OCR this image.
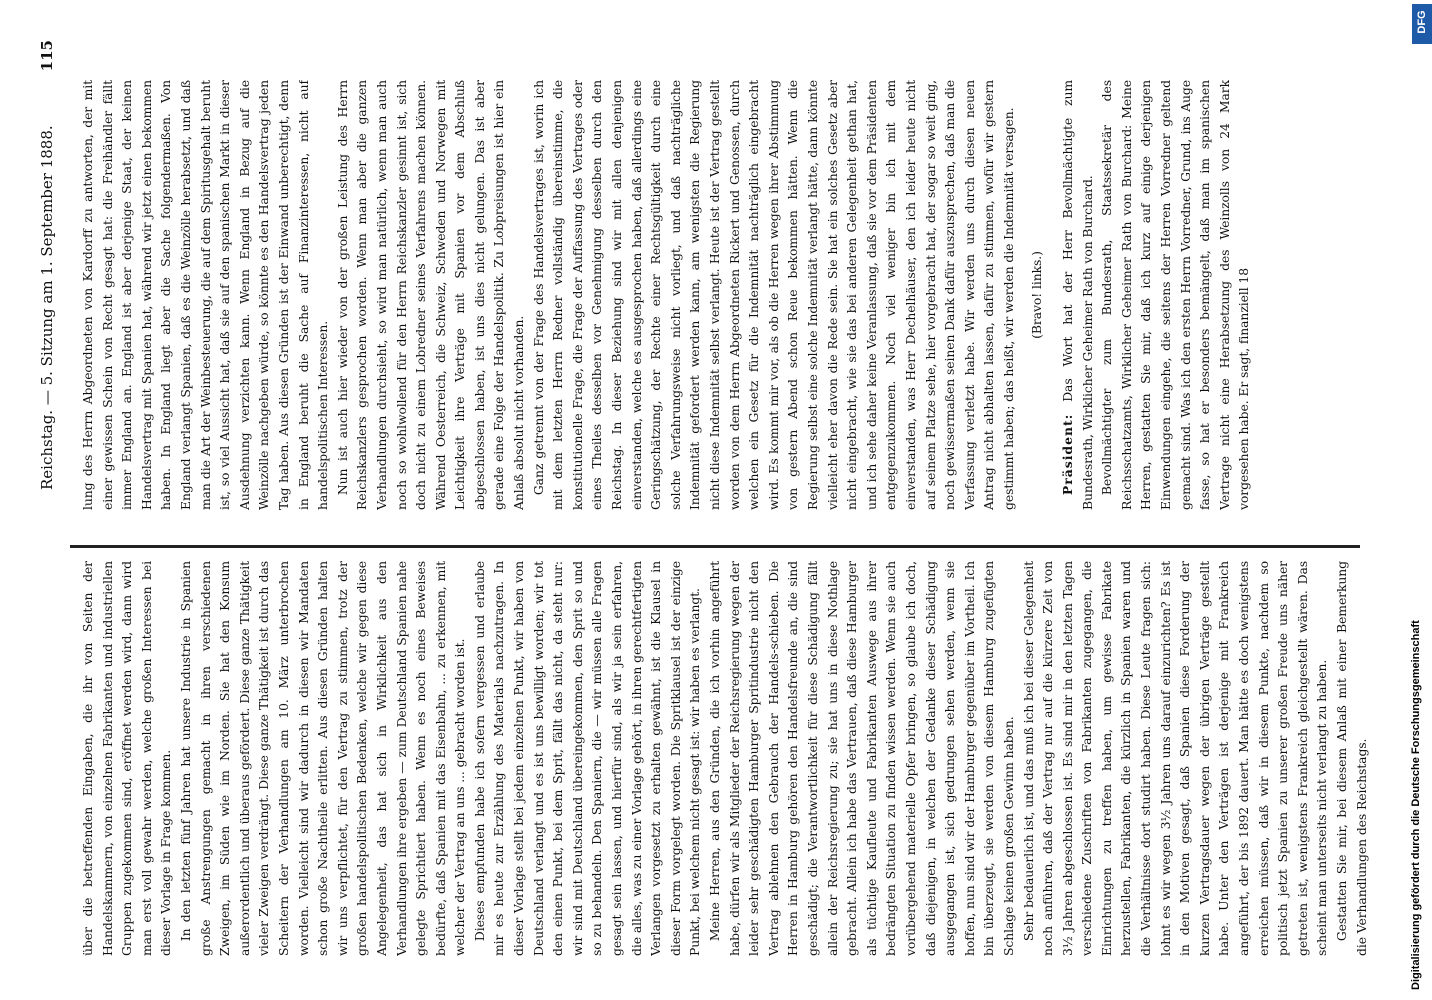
Reichstag. — 5. Sitzung am 1. September 1888.
115

über die betreffenden Eingaben, die ihr von Seiten der Handelskammern, von einzelnen Fabrikanten und industriellen Gruppen zugekommen sind, eröffnet werden wird, dann wird man erst voll gewahr werden, welche großen Interessen bei dieser Vorlage in Frage kommen. In den letzten fünf Jahren hat unsere Industrie in Spanien große Anstrengungen gemacht in ihren verschiedenen Zweigen, im Süden wie im Norden. Sie hat den Konsum außerordentlich und überaus gefördert. Diese ganze Thätigkeit vieler Zweigen verdrängt. Diese ganze Thätigkeit ist durch das Scheitern der Verhandlungen am 10. März unterbrochen worden. Vielleicht sind wir dadurch in diesen wir Mandaten schon große Nachtheile erlitten. Aus diesen Gründen halten wir uns verpflichtet, für den Vertrag zu stimmen, trotz der großen handelspolitischen Bedenken, welche wir gegen diese Angelegenheit, das hat sich in Wirklichkeit aus den Verhandlungen ihre ergeben — zum Deutschland Spanien nahe gelegte Sprichtiert haben. Wenn es noch eines Beweises bedürfte, daß Spanien mit das Eisenbahn, ... zu erkennen, mit welcher der Vertrag an uns ... gebracht worden ist. Dieses empfunden habe ich sofern vergessen und erlaube mir es heute zur Erzählung des Materials nachzutragen. In dieser Vorlage stellt bei jedem einzelnen Punkt, wir haben von Deutschland verlangt und es ist uns bewilligt worden; wir tot den einen Punkt, bei dem Sprit, fällt das nicht, da steht nur: wir sind mit Deutschland übereingekommen, den Sprit so und so zu behandeln. Den Spaniern, die — wir müssen alle Fragen gesagt sein lassen, und hierfür sind, als wir ja sein erfahren, die alles, was zu einer Vorlage gehört, in ihren gerechtfertigten Verlangen vorgesetzt zu erhalten gewähnt, ist die Klausel in dieser Form vorgelegt worden. Die Spritklausel ist der einzige Punkt, bei welchem nicht gesagt ist: wir haben es verlangt. Meine Herren, aus den Gründen, die ich vorhin angeführt habe, dürfen wir als Mitglieder der Reichsregierung wegen der leider sehr geschädigten Hamburger Spritindustrie nicht den Vertrag ablehnen den Gebrauch der Handels-schieben. Die Herren in Hamburg gehören den Handelsfreunde an, die sind geschädigt; die Verantwortlichkeit für diese Schädigung fällt allein der Reichsregierung zu; sie hat uns in diese Nothlage gebracht. Allein ich habe das Vertrauen, daß diese Hamburger als tüchtige Kaufleute und Fabrikanten Auswege aus ihrer bedrängten Situation zu finden wissen werden. Wenn sie auch vorübergehend materielle Opfer bringen, so glaube ich doch, daß diejenigen, in welchen der Gedanke dieser Schädigung ausgegangen ist, sich gedrungen sehen werden, wenn sie hoffen, nun sind wir der Hamburger gegenüber im Vortheil. Ich bin überzeugt, sie werden von diesem Hamburg zugefügten Schlage keinen großen Gewinn haben. Sehr bedauerlich ist, und das muß ich bei dieser Gelegenheit noch anführen, daß der Vertrag nur auf die kürzere Zeit von 3½ Jahren abgeschlossen ist. Es sind mir in den letzten Tagen verschiedene Zuschriften von Fabrikanten zugegangen, die Einrichtungen zu treffen haben, um gewisse Fabrikate herzustellen, Fabrikanten, die kürzlich in Spanien waren und die Verhältnisse dort studirt haben. Diese Leute fragen sich: lohnt es wir wegen 3½ Jahren uns darauf einzurichten? Es ist in den Motiven gesagt, daß Spanien diese Forderung der kurzen Vertragsdauer wegen der übrigen Verträge gestellt habe. Unter den Verträgen ist derjenige mit Frankreich angeführt, der bis 1892 dauert. Man hätte es doch wenigstens erreichen müssen, daß wir in diesem Punkte, nachdem so politisch jetzt Spanien zu unserer großen Freude uns näher getreten ist, wenigstens Frankreich gleichgestellt wären. Das scheint man unterseits nicht verlangt zu haben. Gestatten Sie mir, bei diesem Anlaß mit einer Bemerkung die Verhandlungen des Reichstags.

lung des Herrn Abgeordneten von Kardorff zu antworten, der mit einer gewissen Schein von Recht gesagt hat: die Freihändler fällt immer England an. England ist aber derjenige Staat, der keinen Handelsvertrag mit Spanien hat, während wir jetzt einen bekommen haben. In England liegt aber die Sache folgendermaßen. Von England verlangt Spanien, daß es die Weinzölle herabsetzt, und daß man die Art der Weinbesteuerung, die auf dem Spiritusgehalt beruht ist, so viel Aussicht hat, daß sie auf den spanischen Markt in dieser Ausdehnung verzichten kann. Wenn England in Bezug auf die Weinzölle nachgeben würde, so könnte es den Handelsvertrag jeden Tag haben. Aus diesen Gründen ist der Einwand unberechtigt, denn in England beruht die Sache auf Finanzinteressen, nicht auf handelspolitischen Interessen. Nun ist auch hier wieder von der großen Leistung des Herrn Reichskanzlers gesprochen worden. Wenn man aber die ganzen Verhandlungen durchsieht, so wird man natürlich, wenn man auch noch so wohlwollend für den Herrn Reichskanzler gesinnt ist, sich doch nicht zu einem Lobredner seines Verfahrens machen können. Während Oesterreich, die Schweiz, Schweden und Norwegen mit Leichtigkeit ihre Verträge mit Spanien vor dem Abschluß abgeschlossen haben, ist uns dies nicht gelungen. Das ist aber gerade eine Folge der Handelspolitik. Zu Lobpreisungen ist hier ein Anlaß absolut nicht vorhanden. Ganz getrennt von der Frage des Handelsvertrages ist, worin ich mit dem letzten Herrn Redner vollständig übereinstimme, die konstitutionelle Frage, die Frage der Auffassung des Vertrages oder eines Theiles desselben vor Genehmigung desselben durch den Reichstag. In dieser Beziehung sind wir mit allen denjenigen einverstanden, welche es ausgesprochen haben, daß allerdings eine Geringschätzung, der Rechte einer Rechtsgültigkeit durch eine solche Verfahrungsweise nicht vorliegt, und daß nachträgliche Indemnität gefordert werden kann, am wenigsten die Regierung nicht diese Indemnität selbst verlangt. Heute ist der Vertrag gestellt worden von dem Herrn Abgeordneten Rickert und Genossen, durch welchen ein Gesetz für die Indemnität nachträglich eingebracht wird. Es kommt mir vor, als ob die Herren wegen ihrer Abstimmung von gestern Abend schon Reue bekommen hätten. Wenn die Regierung selbst eine solche Indemnität verlangt hätte, dann könnte vielleicht eher davon die Rede sein. Sie hat ein solches Gesetz aber nicht eingebracht, wie sie das bei anderen Gelegenheit gethan hat, und ich sehe daher keine Veranlassung, daß sie vor dem Präsidenten entgegenzukommen. Noch viel weniger bin ich mit dem einverstanden, was Herr Dechelhäuser, den ich leider heute nicht auf seinem Platze sehe, hier vorgebracht hat, der sogar so weit ging, noch gewissermaßen seinen Dank dafür auszusprechen, daß man die Verfassung verletzt habe. Wir werden uns durch diesen neuen Antrag nicht abhalten lassen, dafür zu stimmen, wofür wir gestern gestimmt haben; das heißt, wir werden die Indemnität versagen. (Bravo! links.)

Präsident: Das Wort hat der Herr Bevollmächtigte zum Bundesrath, Wirklicher Geheimer Rath von Burchard. Bevollmächtigter zum Bundesrath, Staatssekretär des Reichsschatzamts, Wirklicher Geheimer Rath von Burchard: Meine Herren, gestatten Sie mir, daß ich kurz auf einige derjenigen Einwendungen eingehe, die seitens der Herren Vorredner geltend gemacht sind. Was ich den ersten Herrn Vorredner, Grund, ins Auge fasse, so hat er besonders bemängelt, daß man im spanischen Vertrage nicht eine Herabsetzung des Weinzolls von 24 Mark vorgesehen habe. Er sagt, finanziell 18

Digitalisierung gefördert durch die Deutsche Forschungsgemeinschaft
DFG
